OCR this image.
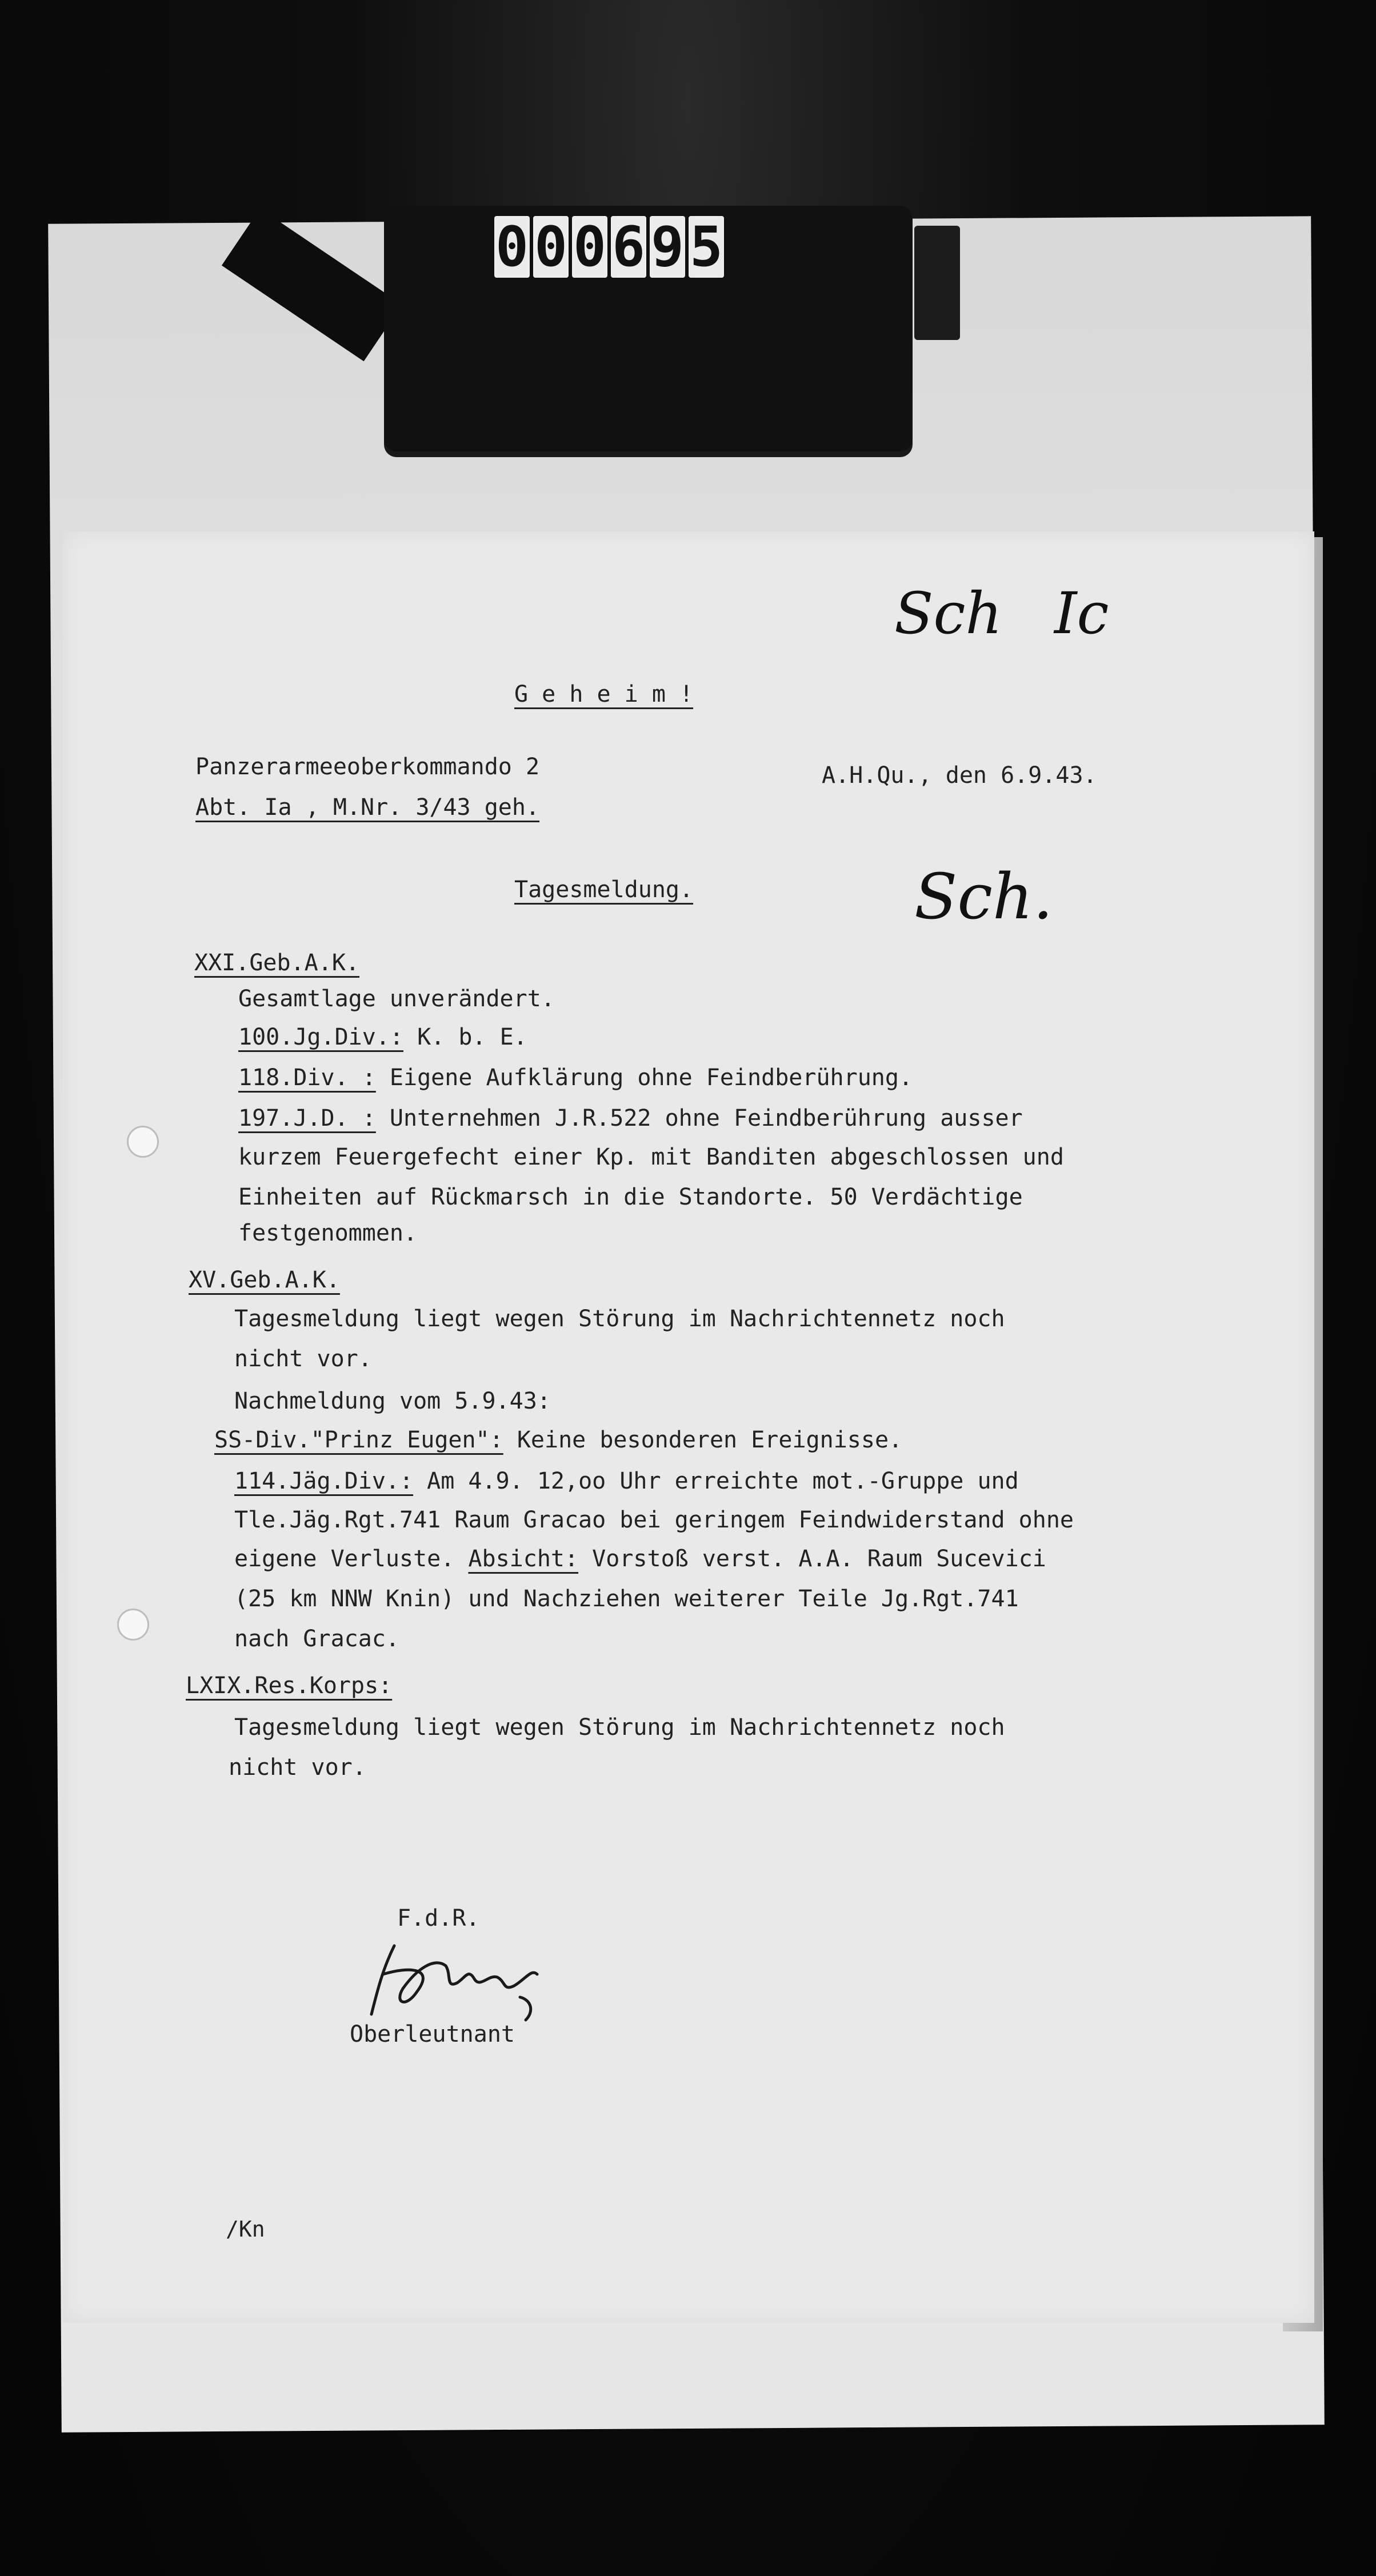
0 0 0 6 9 5
Sch Ic
Sch.

G e h e i m !

Panzerarmeeoberkommando 2

Abt. Ia , M.Nr. 3/43 geh.

A.H.Qu., den 6.9.43.

Tagesmeldung.

XXI.Geb.A.K.

Gesamtlage unverändert.

100.Jg.Div.: K. b. E.

118.Div. : Eigene Aufklärung ohne Feindberührung.

197.J.D. : Unternehmen J.R.522 ohne Feindberührung ausser

kurzem Feuergefecht einer Kp. mit Banditen abgeschlossen und

Einheiten auf Rückmarsch in die Standorte. 50 Verdächtige

festgenommen.

XV.Geb.A.K.

Tagesmeldung liegt wegen Störung im Nachrichtennetz noch

nicht vor.

Nachmeldung vom 5.9.43:

SS-Div."Prinz Eugen": Keine besonderen Ereignisse.

114.Jäg.Div.: Am 4.9. 12,oo Uhr erreichte mot.-Gruppe und

Tle.Jäg.Rgt.741 Raum Gracao bei geringem Feindwiderstand ohne

eigene Verluste. Absicht: Vorstoß verst. A.A. Raum Sucevici

(25 km NNW Knin) und Nachziehen weiterer Teile Jg.Rgt.741

nach Gracac.

LXIX.Res.Korps:

Tagesmeldung liegt wegen Störung im Nachrichtennetz noch

nicht vor.

F.d.R.

Oberleutnant

/Kn
